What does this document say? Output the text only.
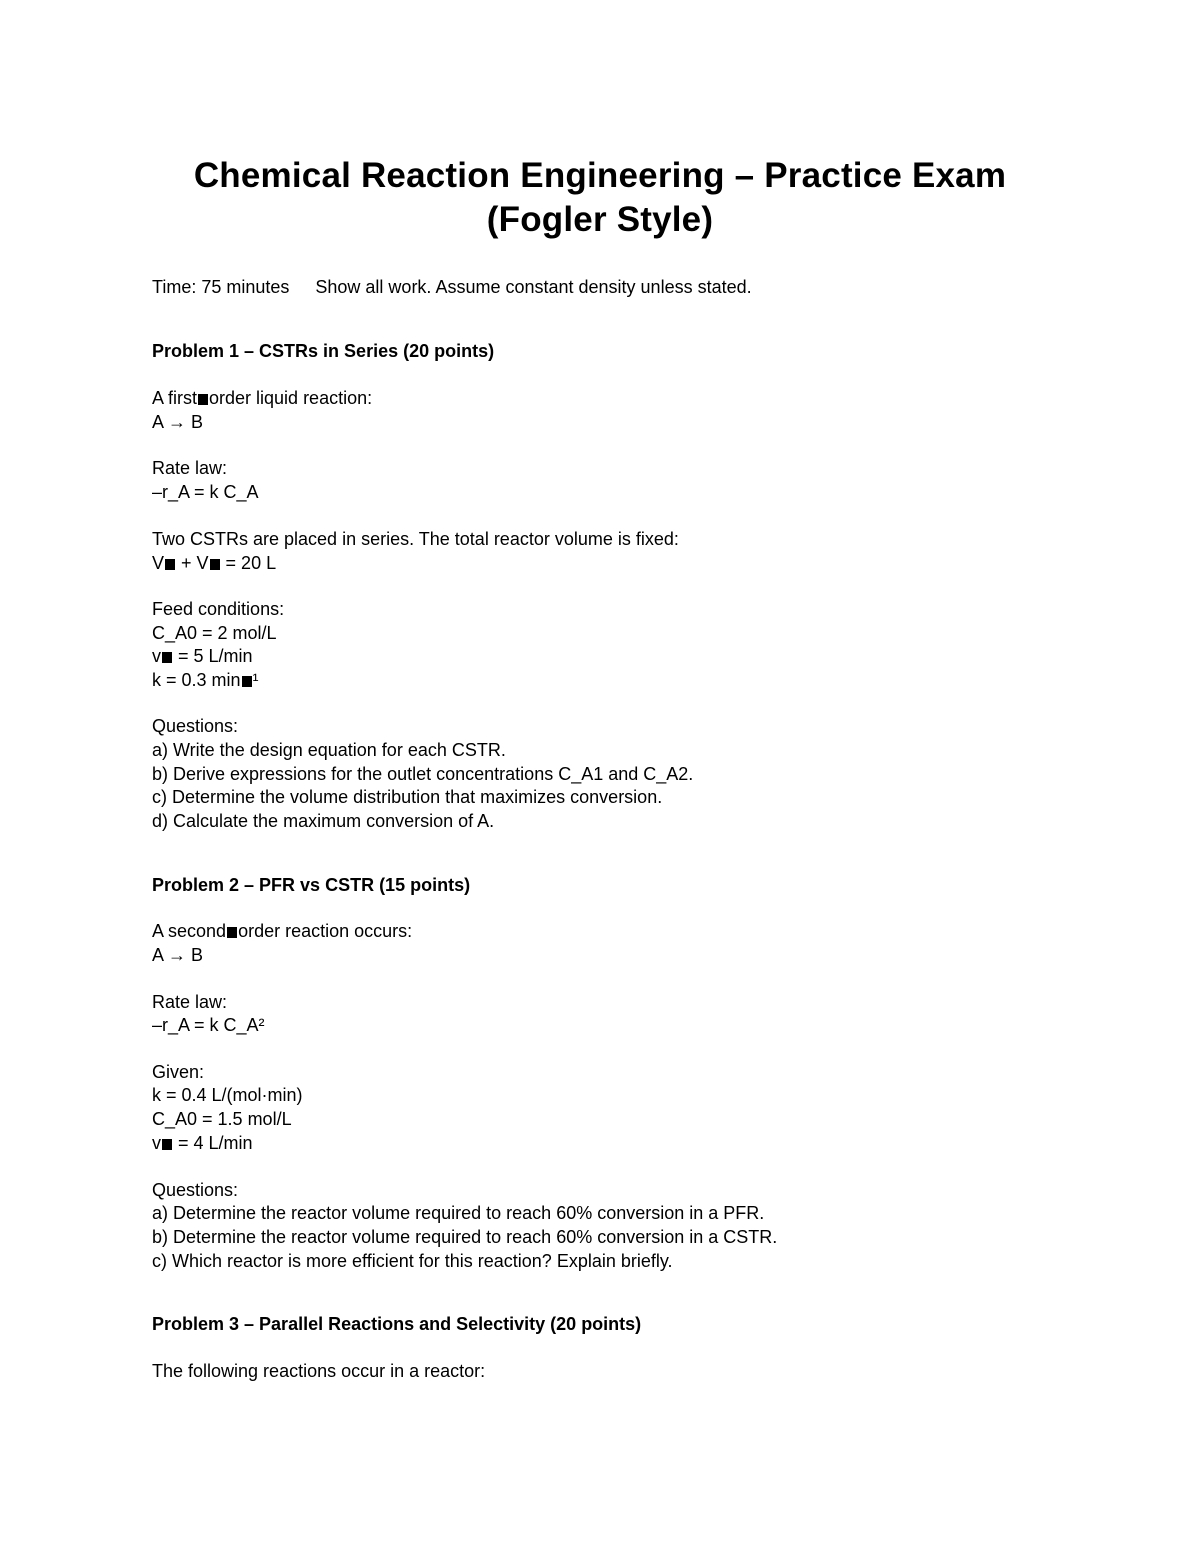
Chemical Reaction Engineering – Practice Exam
(Fogler Style)
Time: 75 minutes Show all work. Assume constant density unless stated.
Problem 1 – CSTRs in Series (20 points)
A first order liquid reaction:
A → B
Rate law:
–r_A = k C_A
Two CSTRs are placed in series. The total reactor volume is fixed:
V + V = 20 L
Feed conditions:
C_A0 = 2 mol/L
v = 5 L/min
k = 0.3 min ¹
Questions:
a) Write the design equation for each CSTR.
b) Derive expressions for the outlet concentrations C_A1 and C_A2.
c) Determine the volume distribution that maximizes conversion.
d) Calculate the maximum conversion of A.
Problem 2 – PFR vs CSTR (15 points)
A second order reaction occurs:
A → B
Rate law:
–r_A = k C_A²
Given:
k = 0.4 L/(mol·min)
C_A0 = 1.5 mol/L
v = 4 L/min
Questions:
a) Determine the reactor volume required to reach 60% conversion in a PFR.
b) Determine the reactor volume required to reach 60% conversion in a CSTR.
c) Which reactor is more efficient for this reaction? Explain briefly.
Problem 3 – Parallel Reactions and Selectivity (20 points)
The following reactions occur in a reactor:
